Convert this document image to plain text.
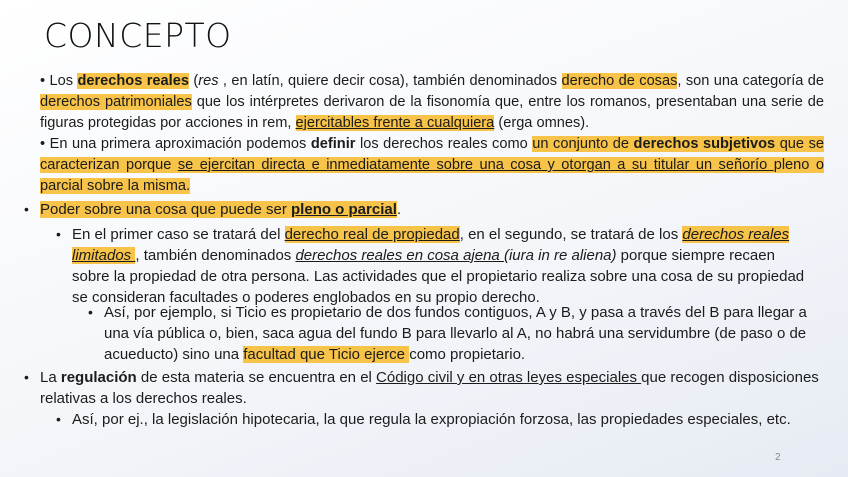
CONCEPTO
• Los derechos reales (res , en latín, quiere decir cosa), también denominados derecho de cosas, son una categoría de derechos patrimoniales que los intérpretes derivaron de la fisonomía que, entre los romanos, presentaban una serie de figuras protegidas por acciones in rem, ejercitables frente a cualquiera (erga omnes).
• En una primera aproximación podemos definir los derechos reales como un conjunto de derechos subjetivos que se caracterizan porque se ejercitan directa e inmediatamente sobre una cosa y otorgan a su titular un señorío pleno o parcial sobre la misma.
• Poder sobre una cosa que puede ser pleno o parcial.
• En el primer caso se tratará del derecho real de propiedad, en el segundo, se tratará de los derechos reales limitados , también denominados derechos reales en cosa ajena (iura in re aliena) porque siempre recaen sobre la propiedad de otra persona. Las actividades que el propietario realiza sobre una cosa de su propiedad se consideran facultades o poderes englobados en su propio derecho.
• Así, por ejemplo, si Ticio es propietario de dos fundos contiguos, A y B, y pasa a través del B para llegar a una vía pública o, bien, saca agua del fundo B para llevarlo al A, no habrá una servidumbre (de paso o de acueducto) sino una facultad que Ticio ejerce como propietario.
• La regulación de esta materia se encuentra en el Código civil y en otras leyes especiales que recogen disposiciones relativas a los derechos reales.
• Así, por ej., la legislación hipotecaria, la que regula la expropiación forzosa, las propiedades especiales, etc.
2
